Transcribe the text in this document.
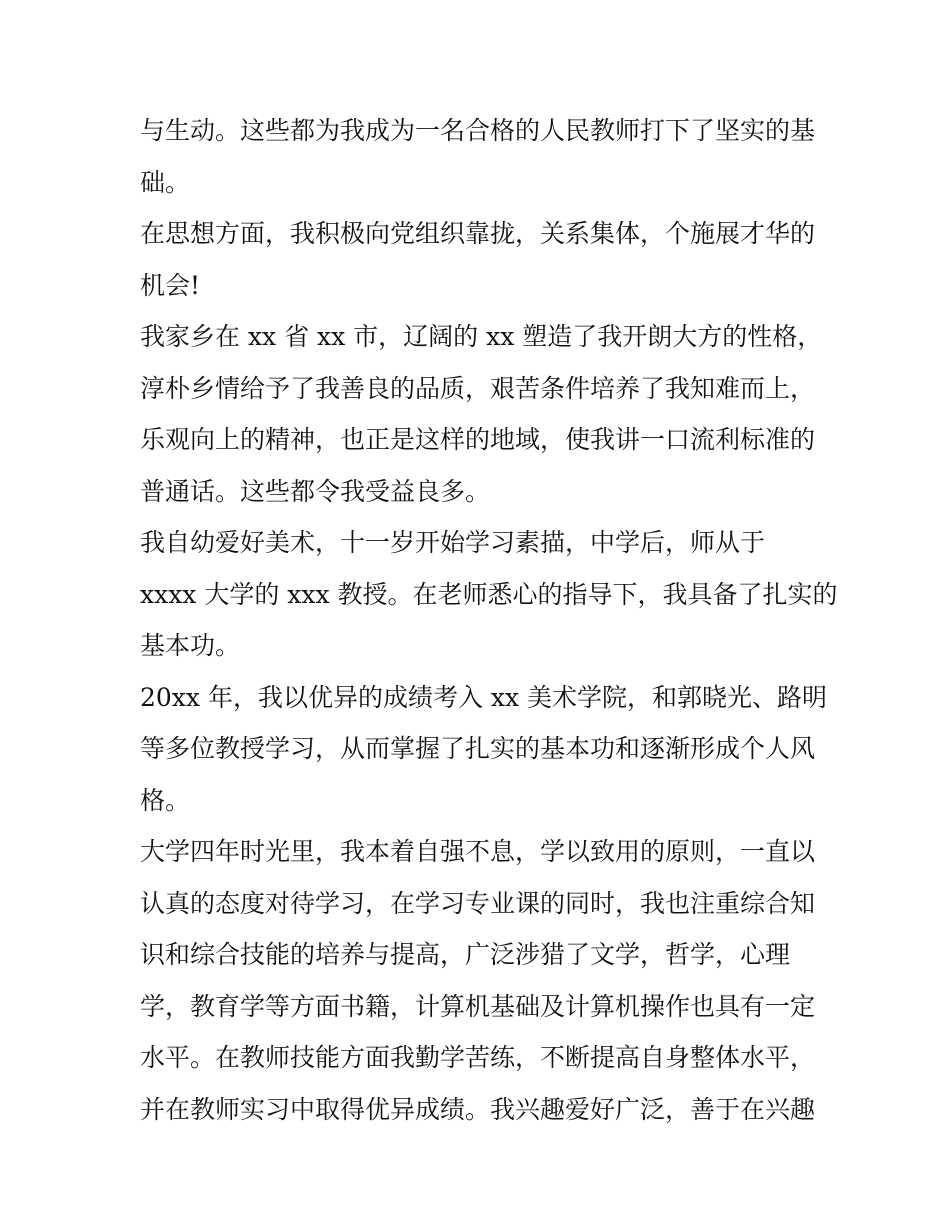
与生动。这些都为我成为一名合格的人民教师打下了坚实的基
础。
在思想方面，我积极向党组织靠拢，关系集体，个施展才华的
机会!
我家乡在 xx 省 xx 市，辽阔的 xx 塑造了我开朗大方的性格，
淳朴乡情给予了我善良的品质，艰苦条件培养了我知难而上，
乐观向上的精神，也正是这样的地域，使我讲一口流利标准的
普通话。这些都令我受益良多。
我自幼爱好美术，十一岁开始学习素描，中学后，师从于
xxxx 大学的 xxx 教授。在老师悉心的指导下，我具备了扎实的
基本功。
20xx 年，我以优异的成绩考入 xx 美术学院，和郭晓光、路明
等多位教授学习，从而掌握了扎实的基本功和逐渐形成个人风
格。
大学四年时光里，我本着自强不息，学以致用的原则，一直以
认真的态度对待学习，在学习专业课的同时，我也注重综合知
识和综合技能的培养与提高，广泛涉猎了文学，哲学，心理
学，教育学等方面书籍，计算机基础及计算机操作也具有一定
水平。在教师技能方面我勤学苦练，不断提高自身整体水平，
并在教师实习中取得优异成绩。我兴趣爱好广泛，善于在兴趣
